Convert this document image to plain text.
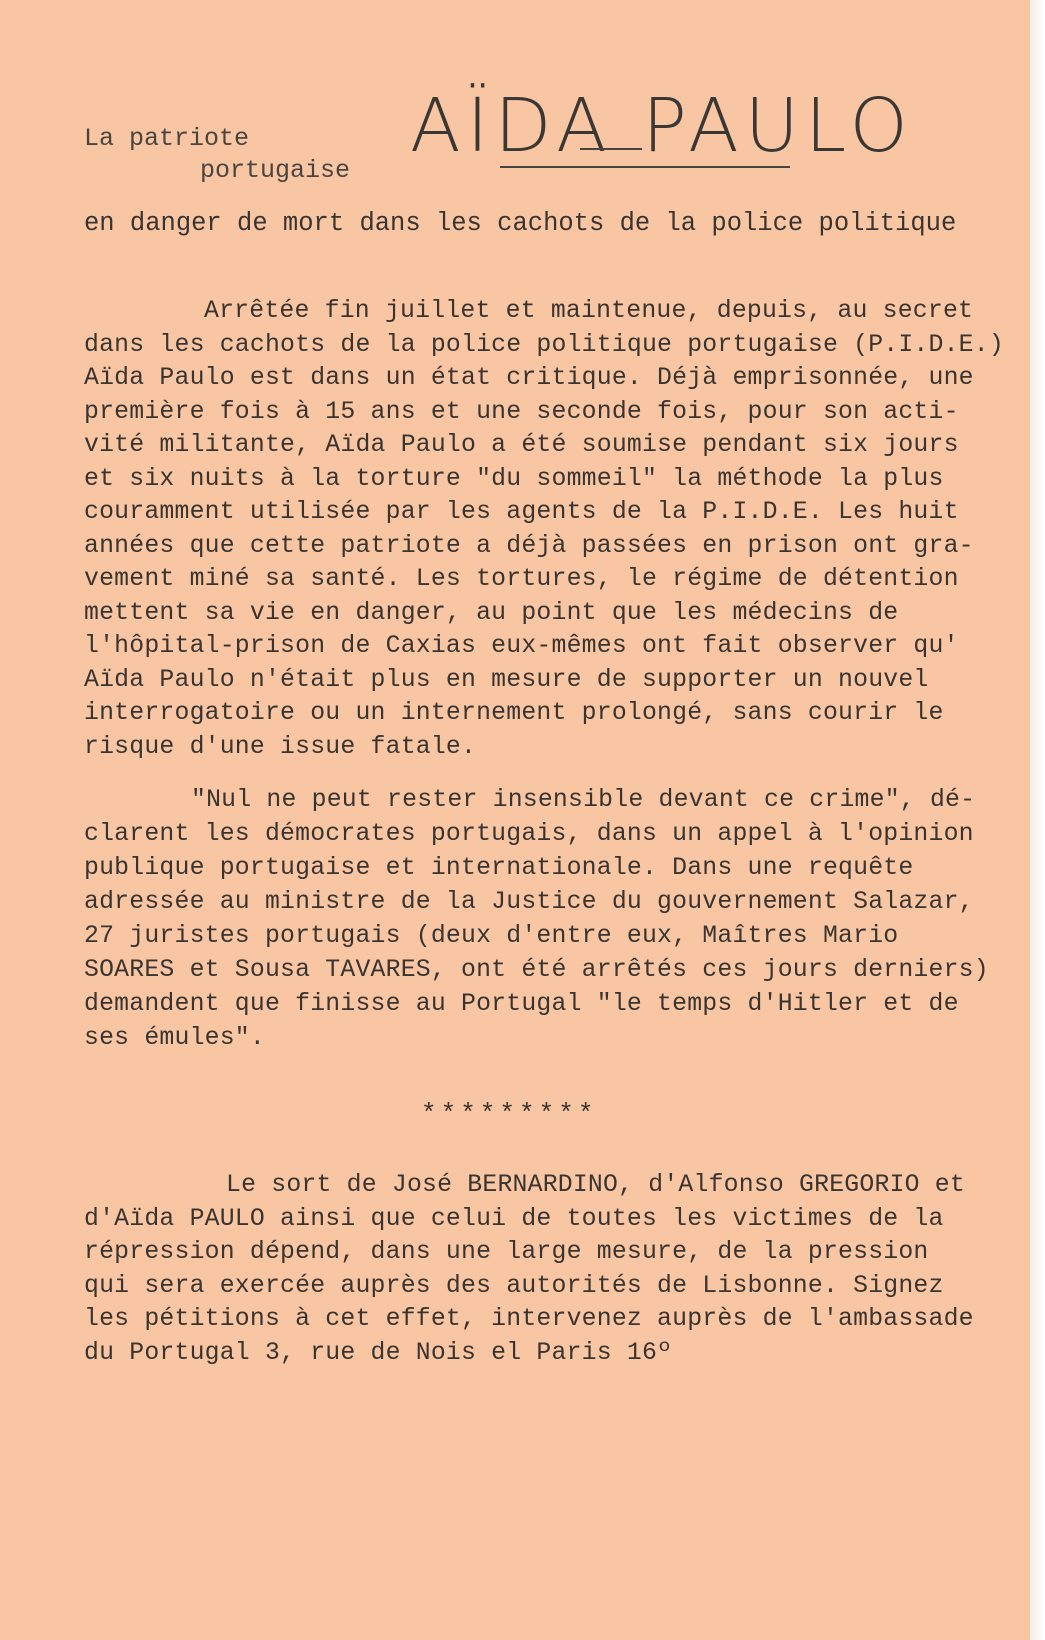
La patriote
portugaise
AÏDA PAULO
en danger de mort dans les cachots de la police politique
Arrêtée fin juillet et maintenue, depuis, au secret
dans les cachots de la police politique portugaise (P.I.D.E.)
Aïda Paulo est dans un état critique. Déjà emprisonnée, une
première fois à 15 ans et une seconde fois, pour son acti-
vité militante, Aïda Paulo a été soumise pendant six jours
et six nuits à la torture "du sommeil" la méthode la plus
couramment utilisée par les agents de la P.I.D.E. Les huit
années que cette patriote a déjà passées en prison ont gra-
vement miné sa santé. Les tortures, le régime de détention
mettent sa vie en danger, au point que les médecins de
l'hôpital-prison de Caxias eux-mêmes ont fait observer qu'
Aïda Paulo n'était plus en mesure de supporter un nouvel
interrogatoire ou un internement prolongé, sans courir le
risque d'une issue fatale.
"Nul ne peut rester insensible devant ce crime", dé-
clarent les démocrates portugais, dans un appel à l'opinion
publique portugaise et internationale. Dans une requête
adressée au ministre de la Justice du gouvernement Salazar,
27 juristes portugais (deux d'entre eux, Maîtres Mario
SOARES et Sousa TAVARES, ont été arrêtés ces jours derniers)
demandent que finisse au Portugal "le temps d'Hitler et de
ses émules".
*********
Le sort de José BERNARDINO, d'Alfonso GREGORIO et
d'Aïda PAULO ainsi que celui de toutes les victimes de la
répression dépend, dans une large mesure, de la pression
qui sera exercée auprès des autorités de Lisbonne. Signez
les pétitions à cet effet, intervenez auprès de l'ambassade
du Portugal 3, rue de Nois el Paris 16º
